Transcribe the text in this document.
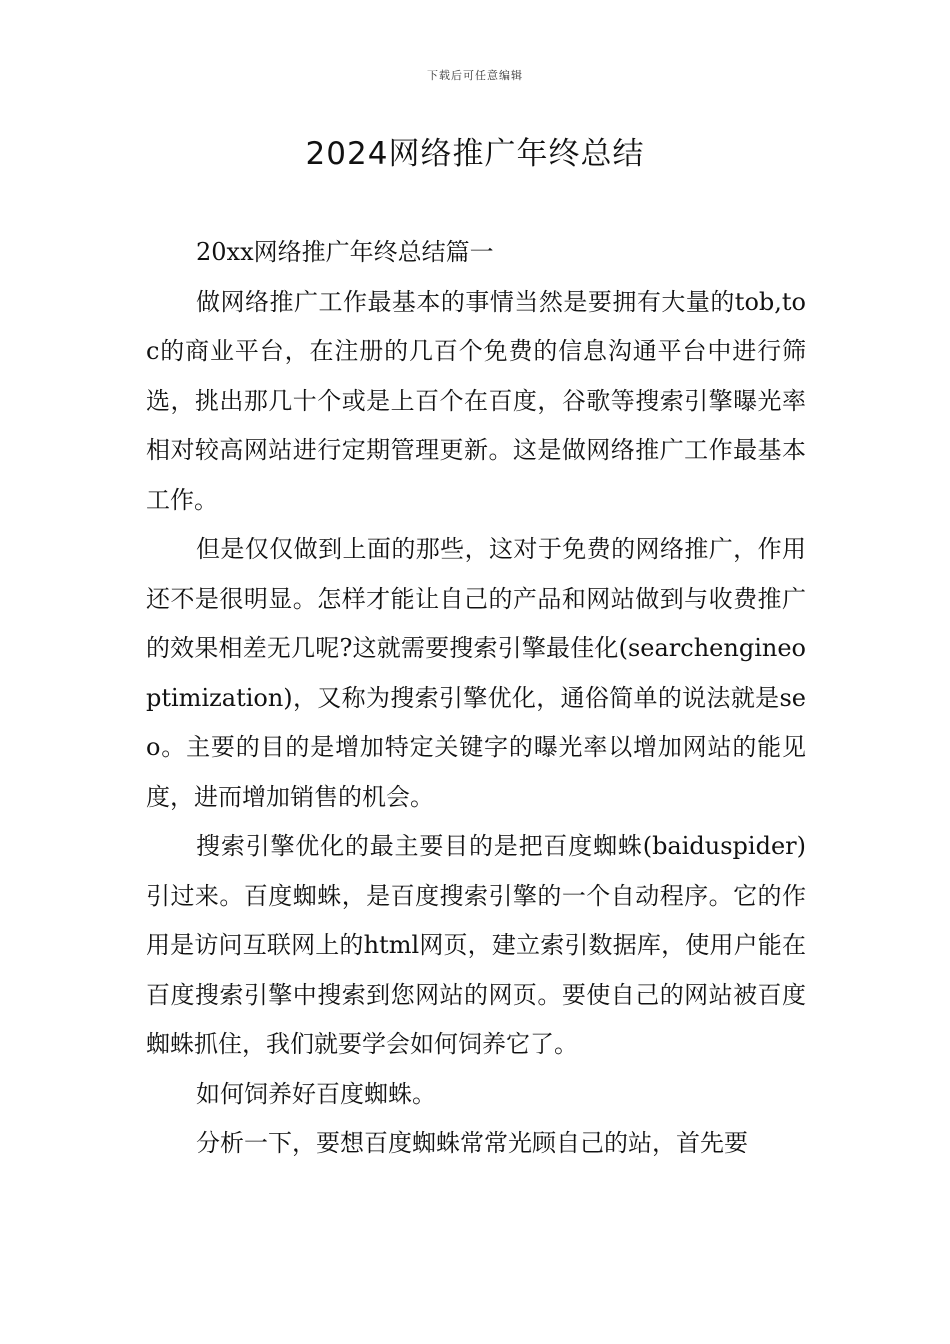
下载后可任意编辑
2024网络推广年终总结

20xx网络推广年终总结篇一

做网络推广工作最基本的事情当然是要拥有大量的tob,toc的商业平台，在注册的几百个免费的信息沟通平台中进行筛选，挑出那几十个或是上百个在百度，谷歌等搜索引擎曝光率相对较高网站进行定期管理更新。这是做网络推广工作最基本工作。

但是仅仅做到上面的那些，这对于免费的网络推广，作用还不是很明显。怎样才能让自己的产品和网站做到与收费推广的效果相差无几呢?这就需要搜索引擎最佳化(searchengineoptimization)，又称为搜索引擎优化，通俗简单的说法就是seo。主要的目的是增加特定关键字的曝光率以增加网站的能见度，进而增加销售的机会。

搜索引擎优化的最主要目的是把百度蜘蛛(baiduspider)引过来。百度蜘蛛，是百度搜索引擎的一个自动程序。它的作用是访问互联网上的html网页，建立索引数据库，使用户能在百度搜索引擎中搜索到您网站的网页。要使自己的网站被百度蜘蛛抓住，我们就要学会如何饲养它了。

如何饲养好百度蜘蛛。

分析一下，要想百度蜘蛛常常光顾自己的站，首先要
